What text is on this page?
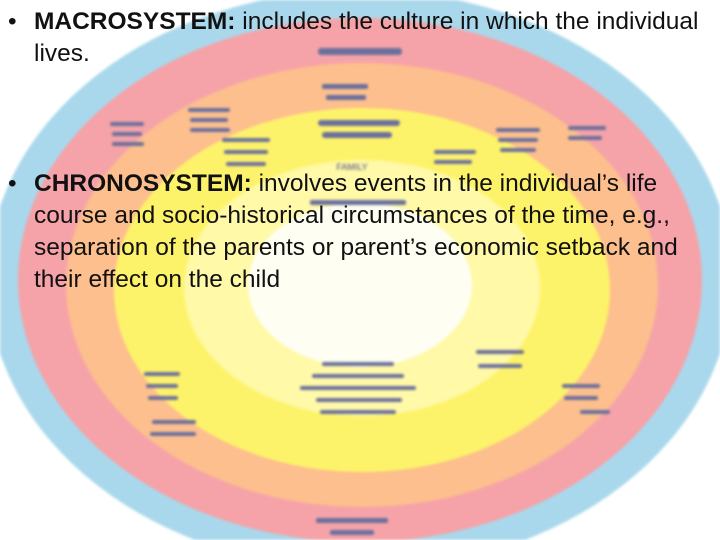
FAMILY
• MACROSYSTEM: includes the culture in which the individual lives.
• CHRONOSYSTEM: involves events in the individual’s life course and socio-historical circumstances of the time, e.g., separation of the parents or parent’s economic setback and their effect on the child
